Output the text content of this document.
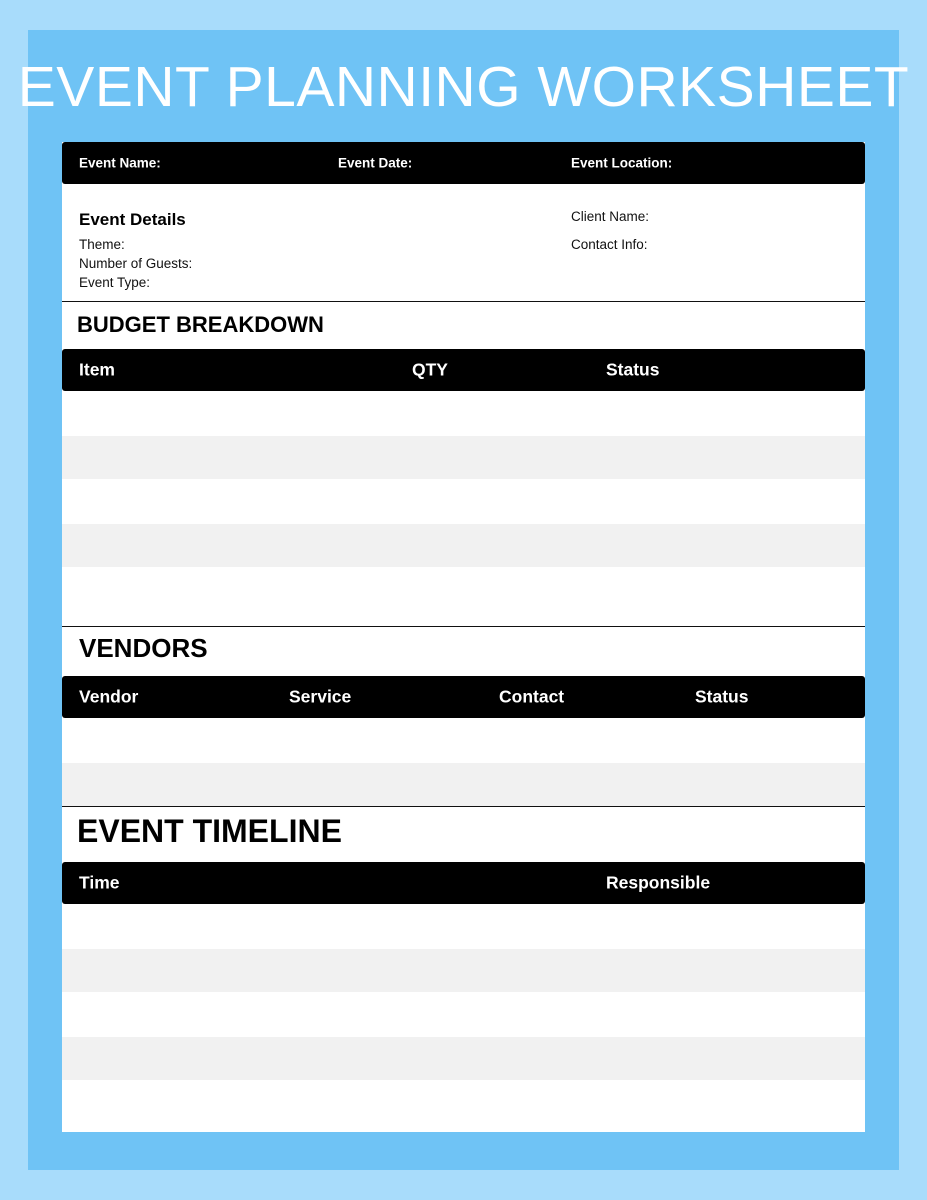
EVENT PLANNING WORKSHEET
Event Name:	Event Date:	Event Location:
Event Details
Theme:
Number of Guests:
Event Type:
Client Name:
Contact Info:
BUDGET BREAKDOWN
Item	QTY	Status
VENDORS
Vendor	Service	Contact	Status
EVENT TIMELINE
Time	Responsible
